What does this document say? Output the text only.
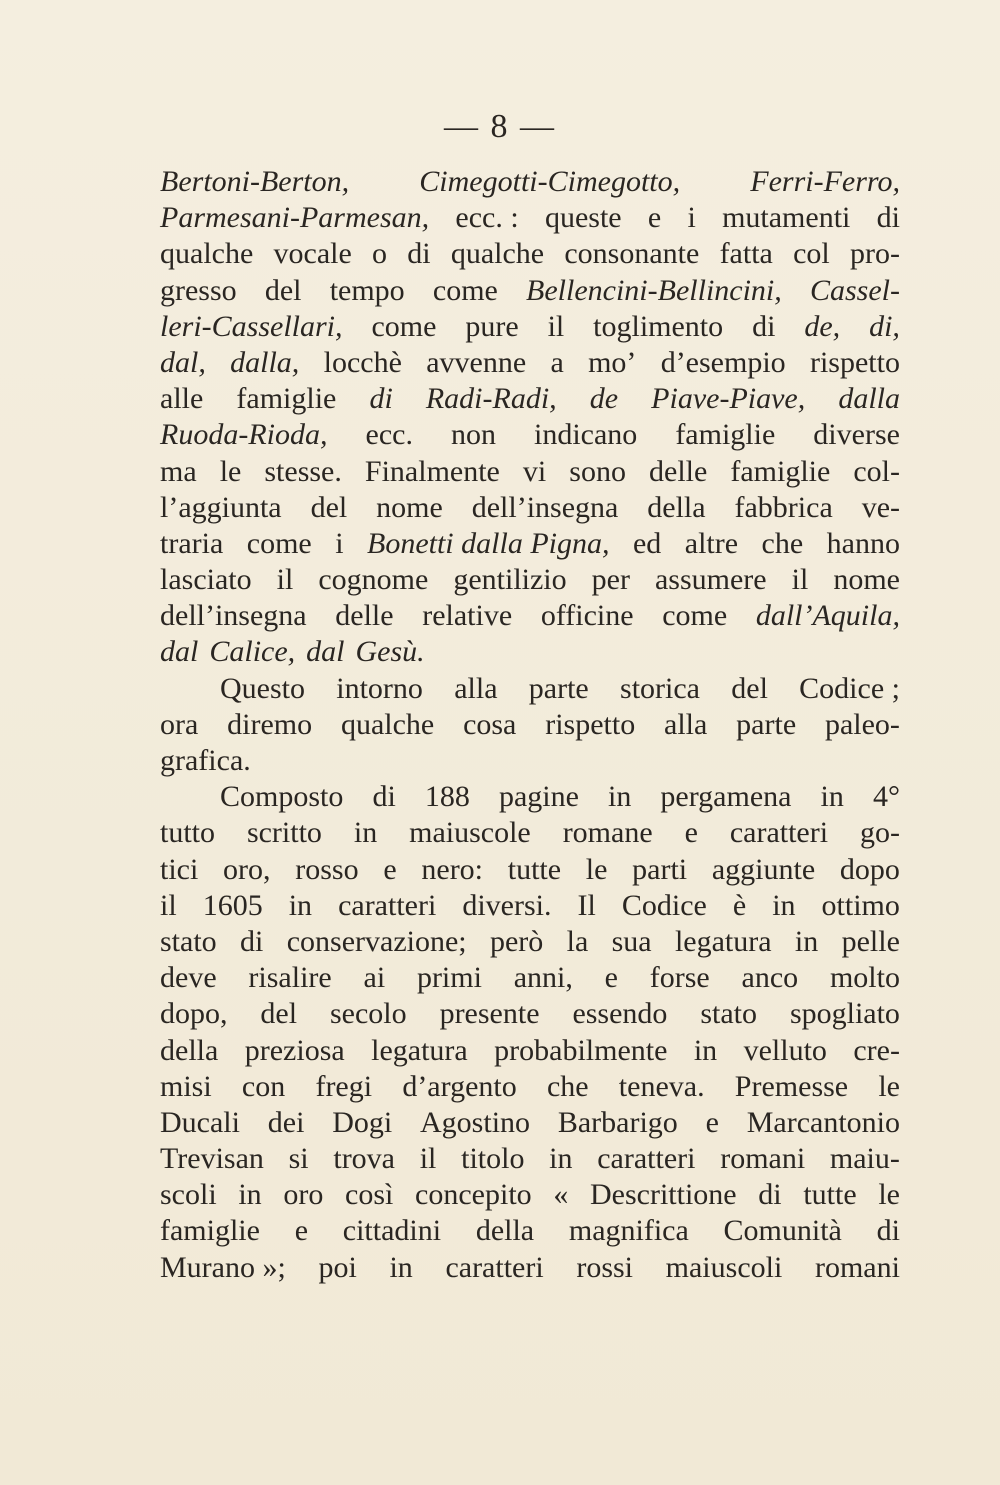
— 8 —
Bertoni-Berton, Cimegotti-Cimegotto, Ferri-Ferro,
Parmesani-Parmesan, ecc. : queste e i mutamenti di
qualche vocale o di qualche consonante fatta col pro-
gresso del tempo come Bellencini-Bellincini, Cassel-
leri-Cassellari, come pure il toglimento di de, di,
dal, dalla, locchè avvenne a mo’ d’esempio rispetto
alle famiglie di Radi-Radi, de Piave-Piave, dalla
Ruoda-Rioda, ecc. non indicano famiglie diverse
ma le stesse. Finalmente vi sono delle famiglie col-
l’aggiunta del nome dell’insegna della fabbrica ve-
traria come i Bonetti dalla Pigna, ed altre che hanno
lasciato il cognome gentilizio per assumere il nome
dell’insegna delle relative officine come dall’Aquila,
dal Calice, dal Gesù.
Questo intorno alla parte storica del Codice ;
ora diremo qualche cosa rispetto alla parte paleo-
grafica.
Composto di 188 pagine in pergamena in 4°
tutto scritto in maiuscole romane e caratteri go-
tici oro, rosso e nero: tutte le parti aggiunte dopo
il 1605 in caratteri diversi. Il Codice è in ottimo
stato di conservazione; però la sua legatura in pelle
deve risalire ai primi anni, e forse anco molto
dopo, del secolo presente essendo stato spogliato
della preziosa legatura probabilmente in velluto cre-
misi con fregi d’argento che teneva. Premesse le
Ducali dei Dogi Agostino Barbarigo e Marcantonio
Trevisan si trova il titolo in caratteri romani maiu-
scoli in oro così concepito « Descrittione di tutte le
famiglie e cittadini della magnifica Comunità di
Murano »; poi in caratteri rossi maiuscoli romani
